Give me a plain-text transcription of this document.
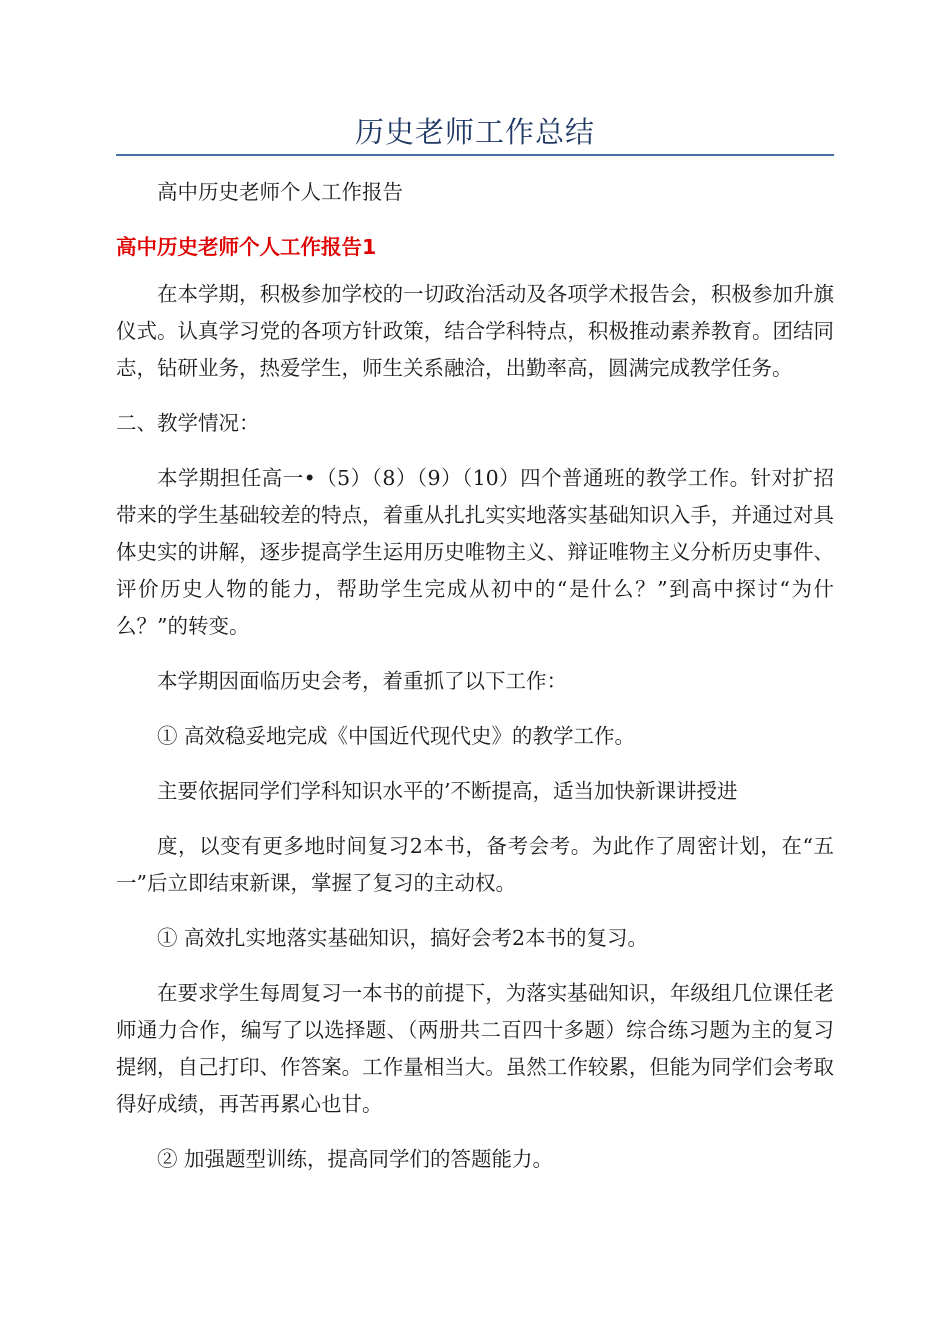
历史老师工作总结

高中历史老师个人工作报告

高中历史老师个人工作报告1

在本学期，积极参加学校的一切政治活动及各项学术报告会，积极参加升旗仪式。认真学习党的各项方针政策，结合学科特点，积极推动素养教育。团结同志，钻研业务，热爱学生，师生关系融洽，出勤率高，圆满完成教学任务。

二、教学情况：

本学期担任高一•（5）（8）（9）（10）四个普通班的教学工作。针对扩招带来的学生基础较差的特点，着重从扎扎实实地落实基础知识入手，并通过对具体史实的讲解，逐步提高学生运用历史唯物主义、辩证唯物主义分析历史事件、评价历史人物的能力，帮助学生完成从初中的“是什么？”到高中探讨“为什么？”的转变。

本学期因面临历史会考，着重抓了以下工作：

① 高效稳妥地完成《中国近代现代史》的教学工作。

主要依据同学们学科知识水平的’不断提高，适当加快新课讲授进

度，以变有更多地时间复习2本书，备考会考。为此作了周密计划，在“五一”后立即结束新课，掌握了复习的主动权。

① 高效扎实地落实基础知识，搞好会考2本书的复习。

在要求学生每周复习一本书的前提下，为落实基础知识，年级组几位课任老师通力合作，编写了以选择题、（两册共二百四十多题）综合练习题为主的复习提纲，自己打印、作答案。工作量相当大。虽然工作较累，但能为同学们会考取得好成绩，再苦再累心也甘。

② 加强题型训练，提高同学们的答题能力。
